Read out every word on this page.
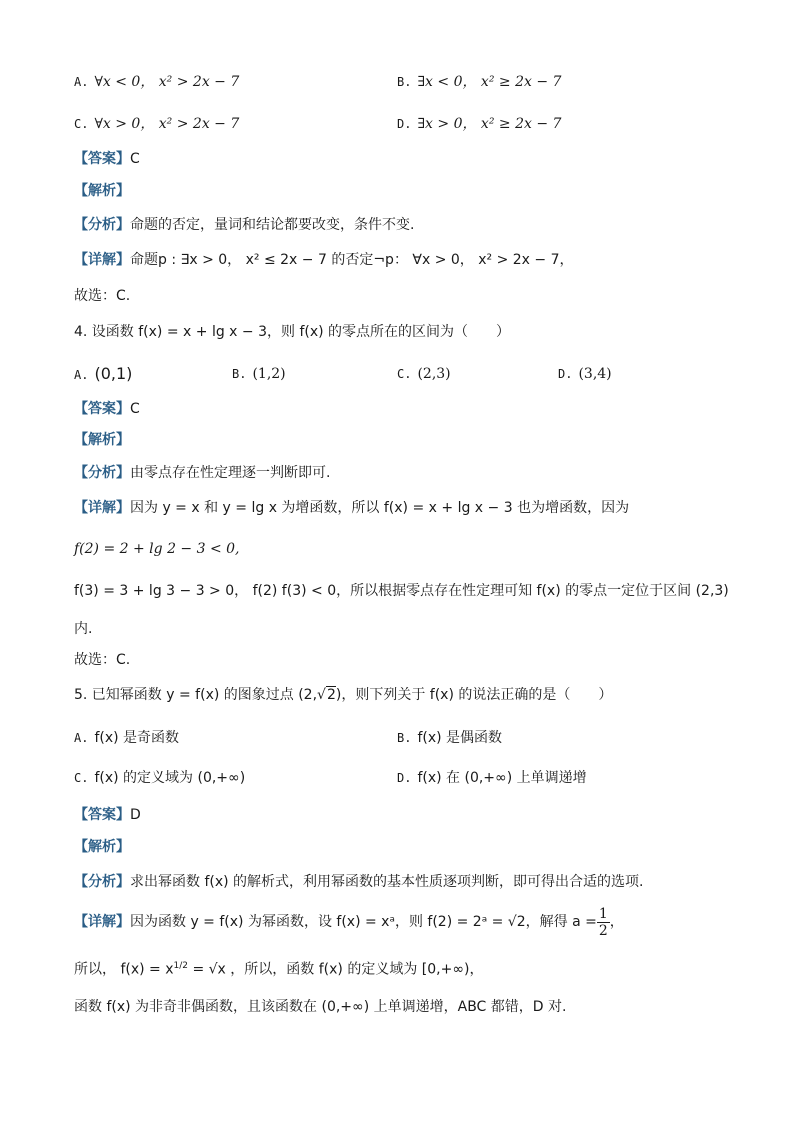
A. ∀x < 0， x² > 2x − 7	B. ∃x < 0， x² ≥ 2x − 7
C. ∀x > 0， x² > 2x − 7	D. ∃x > 0， x² ≥ 2x − 7
【答案】C
【解析】
【分析】命题的否定，量词和结论都要改变，条件不变.
【详解】命题p : ∃x > 0， x² ≤ 2x − 7 的否定¬p： ∀x > 0， x² > 2x − 7，
故选：C.
4. 设函数 f(x) = x + lg x − 3，则 f(x) 的零点所在的区间为（　　）
A. (0,1)	B. (1,2)	C. (2,3)	D. (3,4)
【答案】C
【解析】
【分析】由零点存在性定理逐一判断即可.
【详解】因为 y = x 和 y = lg x 为增函数，所以 f(x) = x + lg x − 3 也为增函数，因为
f(2) = 2 + lg 2 − 3 < 0,
f(3) = 3 + lg 3 − 3 > 0， f(2) f(3) < 0，所以根据零点存在性定理可知 f(x) 的零点一定位于区间 (2,3)
内.
故选：C.
5. 已知幂函数 y = f(x) 的图象过点 (2,√2)，则下列关于 f(x) 的说法正确的是（　　）
A. f(x) 是奇函数	B. f(x) 是偶函数
C. f(x) 的定义域为 (0,+∞)	D. f(x) 在 (0,+∞) 上单调递增
【答案】D
【解析】
【分析】求出幂函数 f(x) 的解析式，利用幂函数的基本性质逐项判断，即可得出合适的选项.
【详解】因为函数 y = f(x) 为幂函数，设 f(x) = xᵃ，则 f(2) = 2ᵃ = √2，解得 $a = \frac{1}{2}$ ，
所以， $f(x) = x^{1/2} = √x$ ，所以，函数 f(x) 的定义域为 [0,+∞)，
函数 f(x) 为非奇非偶函数，且该函数在 (0,+∞) 上单调递增，ABC 都错，D 对.
